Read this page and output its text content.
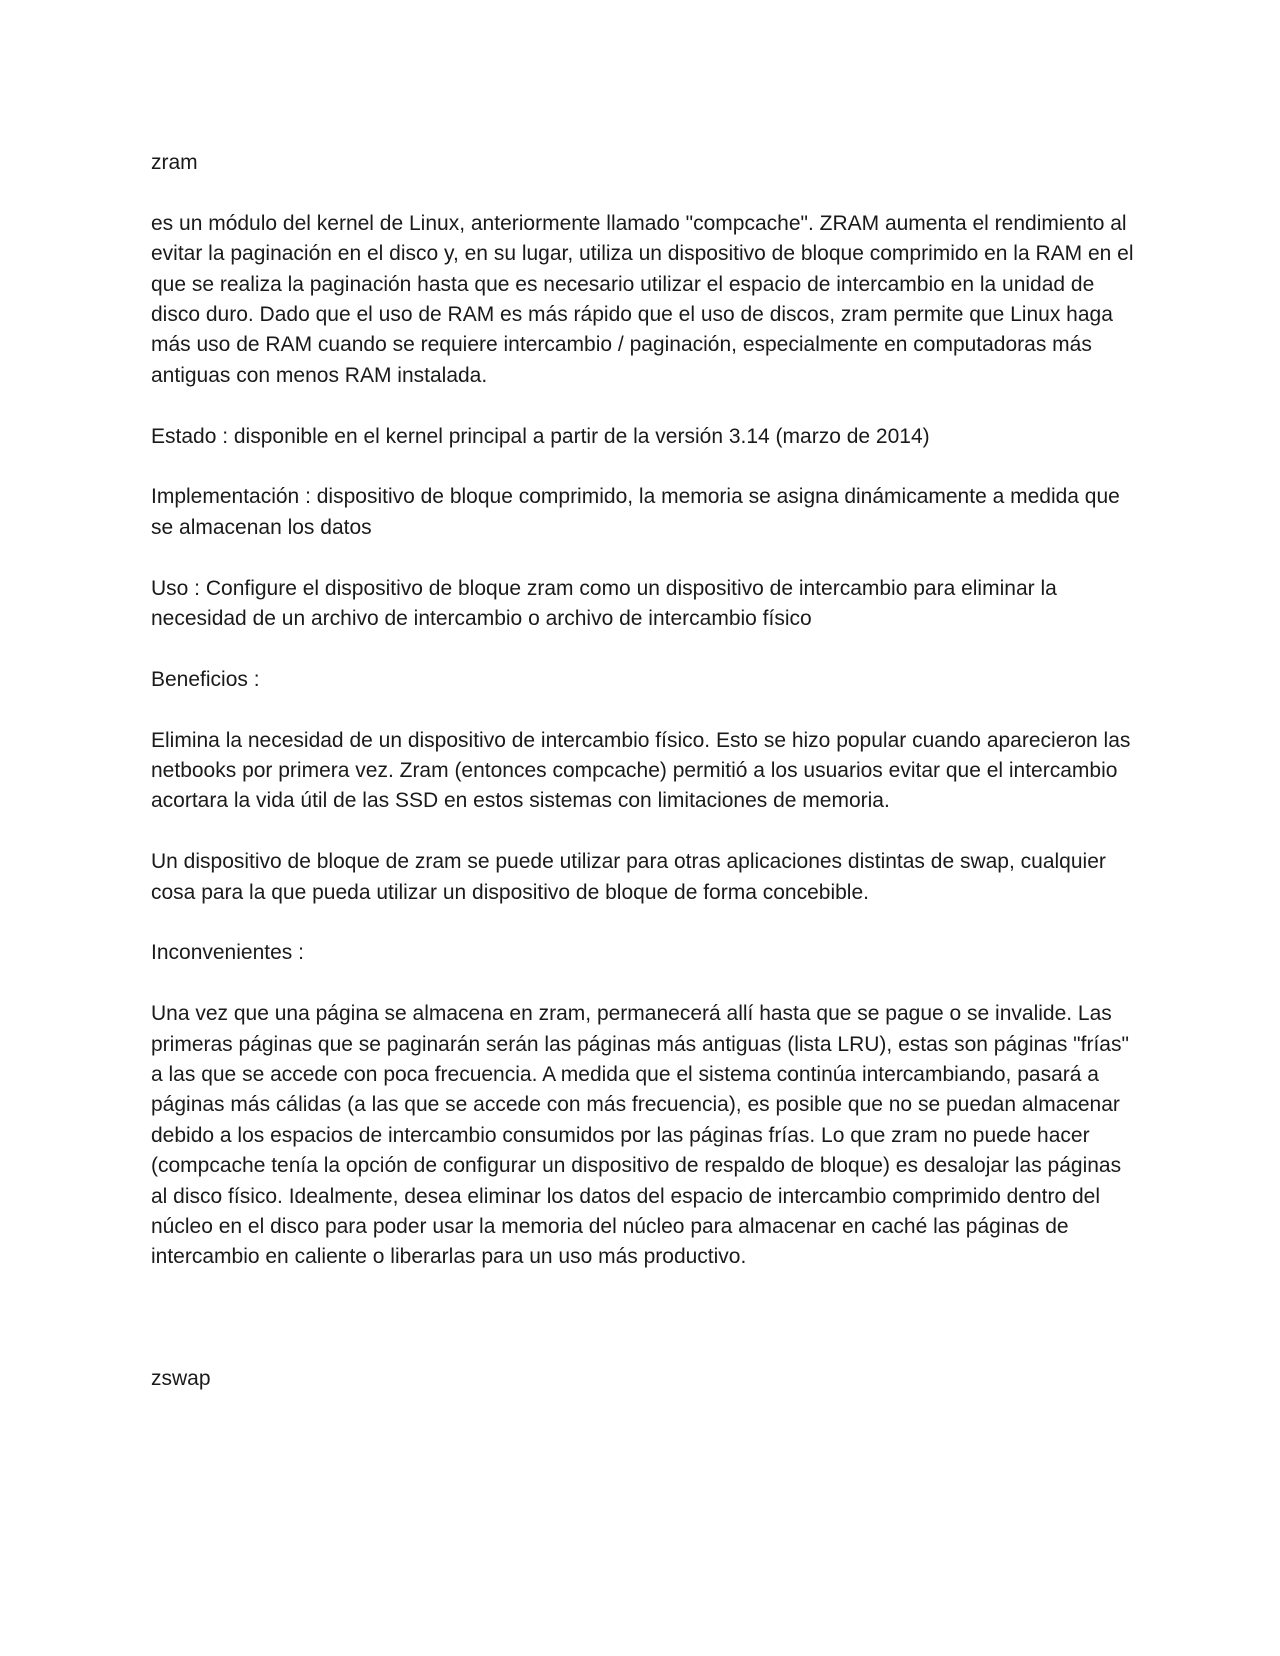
zram

es un módulo del kernel de Linux, anteriormente llamado "compcache". ZRAM aumenta el rendimiento al evitar la paginación en el disco y, en su lugar, utiliza un dispositivo de bloque comprimido en la RAM en el que se realiza la paginación hasta que es necesario utilizar el espacio de intercambio en la unidad de disco duro. Dado que el uso de RAM es más rápido que el uso de discos, zram permite que Linux haga más uso de RAM cuando se requiere intercambio / paginación, especialmente en computadoras más antiguas con menos RAM instalada.

Estado : disponible en el kernel principal a partir de la versión 3.14 (marzo de 2014)

Implementación : dispositivo de bloque comprimido, la memoria se asigna dinámicamente a medida que se almacenan los datos

Uso : Configure el dispositivo de bloque zram como un dispositivo de intercambio para eliminar la necesidad de un archivo de intercambio o archivo de intercambio físico

Beneficios :

Elimina la necesidad de un dispositivo de intercambio físico. Esto se hizo popular cuando aparecieron las netbooks por primera vez. Zram (entonces compcache) permitió a los usuarios evitar que el intercambio acortara la vida útil de las SSD en estos sistemas con limitaciones de memoria.

Un dispositivo de bloque de zram se puede utilizar para otras aplicaciones distintas de swap, cualquier cosa para la que pueda utilizar un dispositivo de bloque de forma concebible.

Inconvenientes :

Una vez que una página se almacena en zram, permanecerá allí hasta que se pague o se invalide. Las primeras páginas que se paginarán serán las páginas más antiguas (lista LRU), estas son páginas "frías" a las que se accede con poca frecuencia. A medida que el sistema continúa intercambiando, pasará a páginas más cálidas (a las que se accede con más frecuencia), es posible que no se puedan almacenar debido a los espacios de intercambio consumidos por las páginas frías. Lo que zram no puede hacer (compcache tenía la opción de configurar un dispositivo de respaldo de bloque) es desalojar las páginas al disco físico. Idealmente, desea eliminar los datos del espacio de intercambio comprimido dentro del núcleo en el disco para poder usar la memoria del núcleo para almacenar en caché las páginas de intercambio en caliente o liberarlas para un uso más productivo.

zswap
